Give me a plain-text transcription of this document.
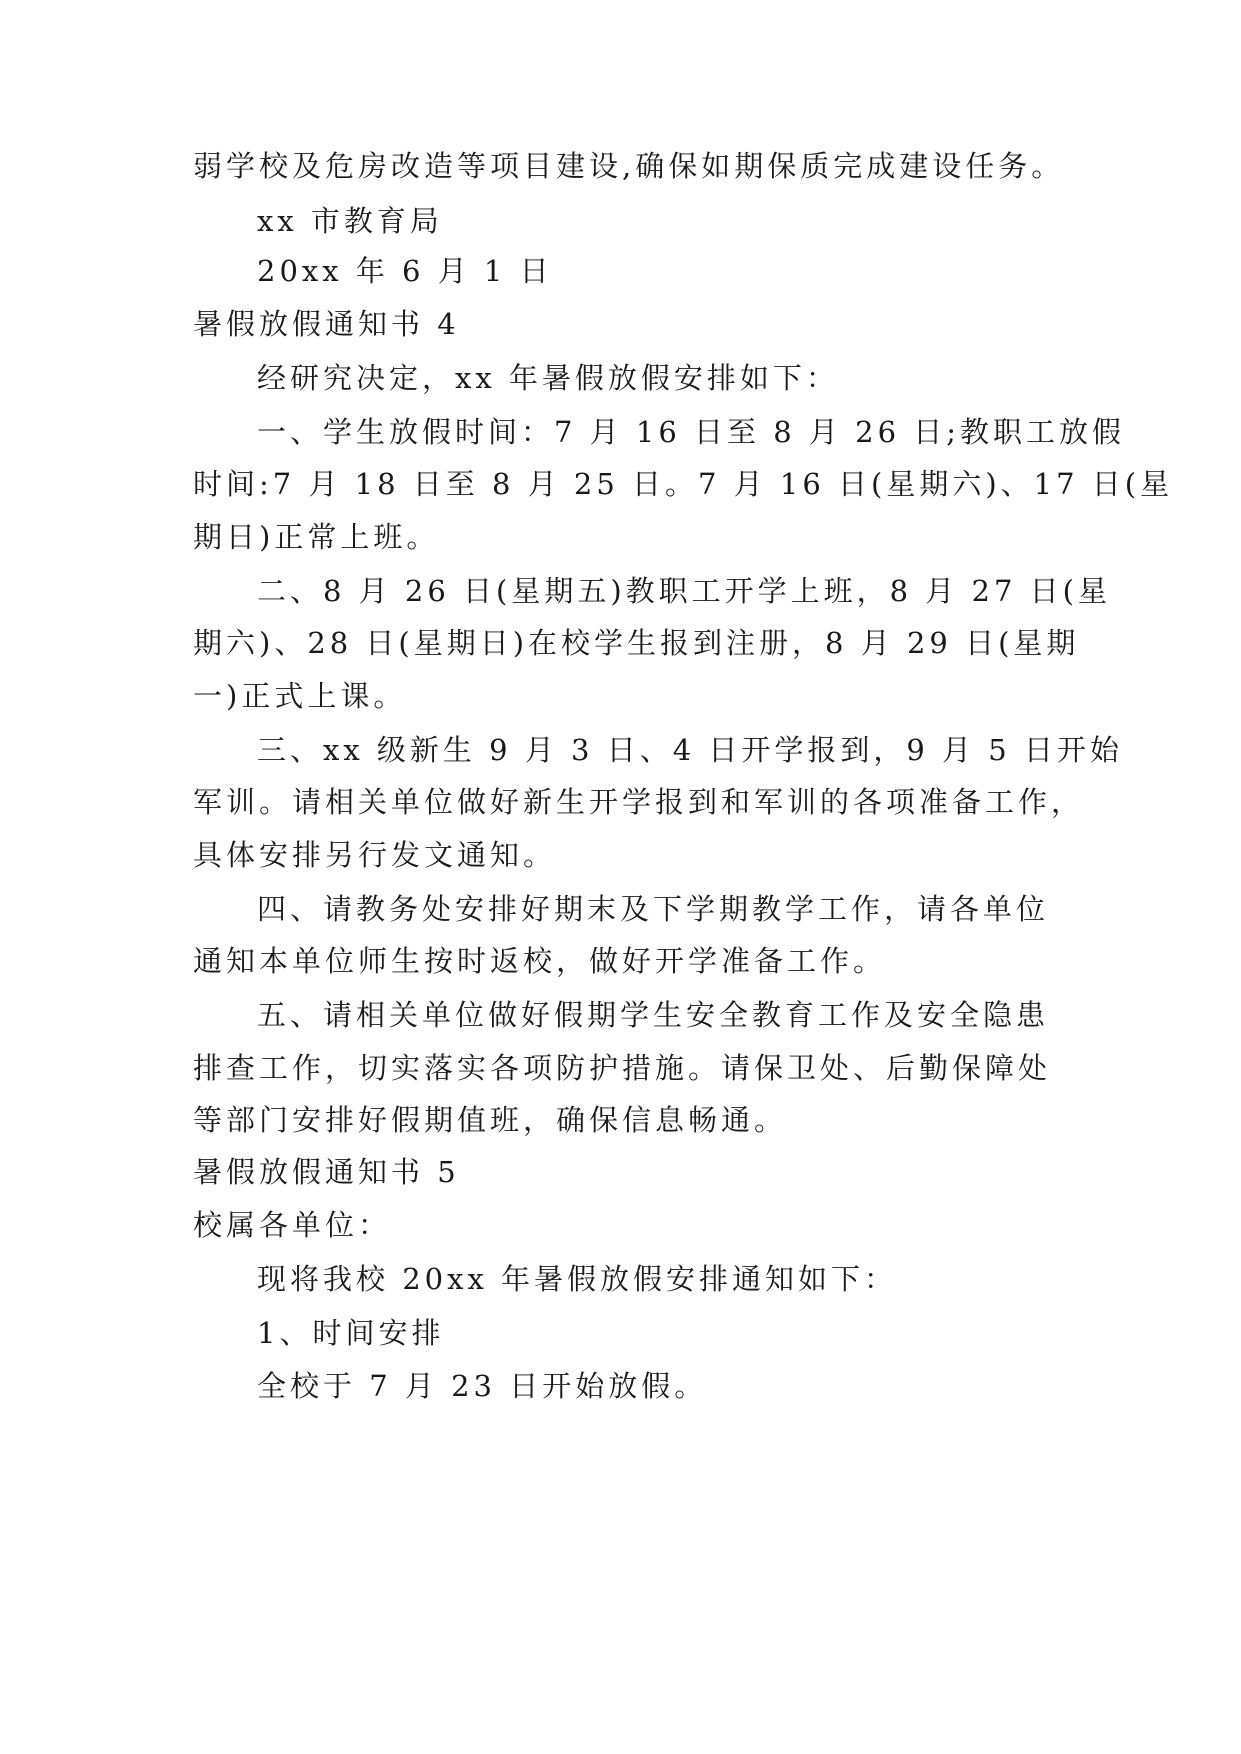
弱学校及危房改造等项目建设,确保如期保质完成建设任务。
xx 市教育局
20xx 年 6 月 1 日
暑假放假通知书 4
经研究决定，xx 年暑假放假安排如下：
一、学生放假时间：7 月 16 日至 8 月 26 日;教职工放假
时间:7 月 18 日至 8 月 25 日。7 月 16 日(星期六)、17 日(星
期日)正常上班。
二、8 月 26 日(星期五)教职工开学上班，8 月 27 日(星
期六)、28 日(星期日)在校学生报到注册，8 月 29 日(星期
一)正式上课。
三、xx 级新生 9 月 3 日、4 日开学报到，9 月 5 日开始
军训。请相关单位做好新生开学报到和军训的各项准备工作，
具体安排另行发文通知。
四、请教务处安排好期末及下学期教学工作，请各单位
通知本单位师生按时返校，做好开学准备工作。
五、请相关单位做好假期学生安全教育工作及安全隐患
排查工作，切实落实各项防护措施。请保卫处、后勤保障处
等部门安排好假期值班，确保信息畅通。
暑假放假通知书 5
校属各单位：
现将我校 20xx 年暑假放假安排通知如下：
1、时间安排
全校于 7 月 23 日开始放假。
